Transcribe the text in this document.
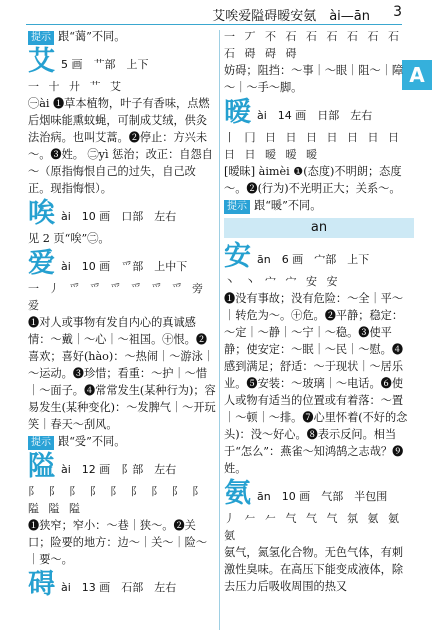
艾唉爱隘碍暧安氨　ài—ān 3
A

提示 跟“蔼”不同。

艾 5 画　艹部　上下

一 十 廾 艹 艾

㊀ài ❶草本植物，叶子有香味，点燃后烟味能熏蚊蝇，可制成艾绒，供灸法治病。也叫艾蒿。❷停止：方兴未～。❸姓。 ㊁yì 惩治；改正：自怨自～（原指悔恨自己的过失，自己改正。现指悔恨）。

唉 ài　10 画　口部　左右

见 2 页“唉”㊁。

爱 ài　10 画　爫部　上中下

一 丿 爫 爫 爫 爫 爫 爫 旁 爱

❶对人或事物有发自内心的真诚感情：～戴｜～心｜～祖国。㊉恨。❷喜欢；喜好(hào)：～热闹｜～游泳｜～运动。❸珍惜；看重：～护｜～惜｜～面子。❹常常发生(某种行为)；容易发生(某种变化)：～发脾气｜～开玩笑｜春天～刮风。

提示 跟“受”不同。

隘 ài　12 画　阝部　左右

阝 阝 阝 阝 阝 阝 阝 阝 阝 隘 隘 隘

❶狭窄；窄小：～巷｜狭～。❷关口；险要的地方：边～｜关～｜险～｜要～。

碍 ài　13 画　石部　左右

一 丆 不 石 石 石 石 石 石 石 碍 碍 碍

妨碍；阻挡：～事｜～眼｜阻～｜障～｜～手～脚。

暧 ài　14 画　日部　左右

丨 冂 日 日 日 日 日 日 日 日 日 暧 暧 暧

[暧昧] àimèi ❶(态度)不明朗；态度～。❷(行为)不光明正大；关系～。

提示 跟“暖”不同。

an
安 ān　6 画　宀部　上下

丶 丶 宀 宀 安 安

❶没有事故；没有危险：～全｜平～｜转危为～。㊉危。❷平静；稳定：～定｜～静｜～宁｜～稳。❸使平静；使安定：～眠｜～民｜～慰。❹感到满足；舒适：～于现状｜～居乐业。❺安装：～玻璃｜～电话。❻使人或物有适当的位置或有着落：～置｜～顿｜～排。❼心里怀着(不好的念头)：没～好心。❽表示反问。相当于“怎么”：燕雀～知鸿鹄之志哉？❾姓。

氨 ān　10 画　气部　半包围

丿 𠂉 𠂉 气 气 气 氛 氨 氨 氨

氨气，氮氢化合物。无色气体，有刺激性臭味。在高压下能变成液体，除去压力后吸收周围的热又
